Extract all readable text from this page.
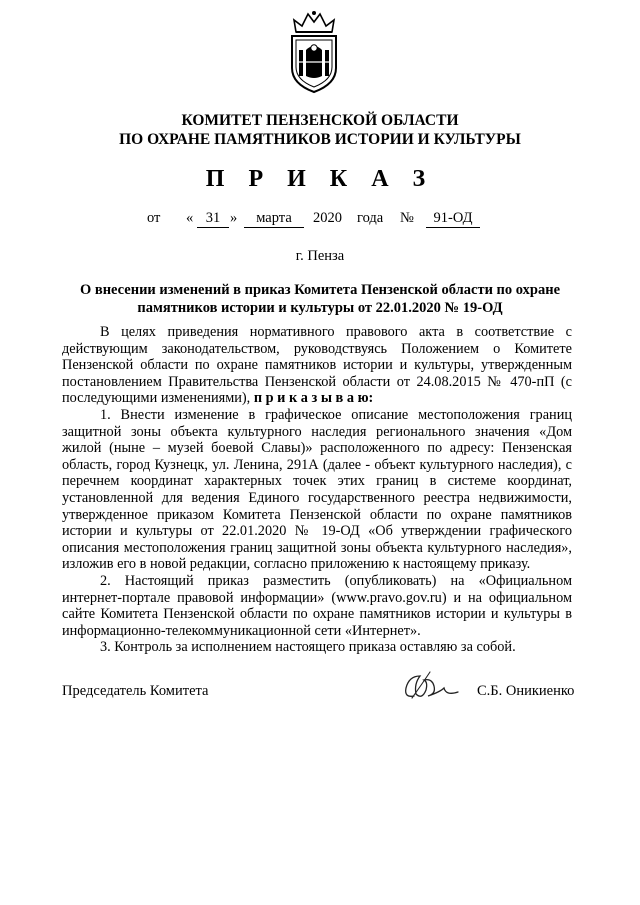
КОМИТЕТ ПЕНЗЕНСКОЙ ОБЛАСТИ
ПО ОХРАНЕ ПАМЯТНИКОВ ИСТОРИИ И КУЛЬТУРЫ
П Р И К А З
от « 31 »	марта	2020 года №	91-ОД
г. Пенза
О внесении изменений в приказ Комитета Пензенской области по охране
памятников истории и культуры от 22.01.2020 № 19-ОД

В целях приведения нормативного правового акта в соответствие с действующим законодательством, руководствуясь Положением о Комитете Пензенской области по охране памятников истории и культуры, утвержденным постановлением Правительства Пензенской области от 24.08.2015 № 470-пП (с последующими изменениями), п р и к а з ы в а ю:

1. Внести изменение в графическое описание местоположения границ защитной зоны объекта культурного наследия регионального значения «Дом жилой (ныне – музей боевой Славы)» расположенного по адресу: Пензенская область, город Кузнецк, ул. Ленина, 291А (далее - объект культурного наследия), с перечнем координат характерных точек этих границ в системе координат, установленной для ведения Единого государственного реестра недвижимости, утвержденное приказом Комитета Пензенской области по охране памятников истории и культуры от 22.01.2020 № 19-ОД «Об утверждении графического описания местоположения границ защитной зоны объекта культурного наследия», изложив его в новой редакции, согласно приложению к настоящему приказу.

2. Настоящий приказ разместить (опубликовать) на «Официальном интернет-портале правовой информации» (www.pravo.gov.ru) и на официальном сайте Комитета Пензенской области по охране памятников истории и культуры в информационно-телекоммуникационной сети «Интернет».

3. Контроль за исполнением настоящего приказа оставляю за собой.

Председатель Комитета	С.Б. Оникиенко
